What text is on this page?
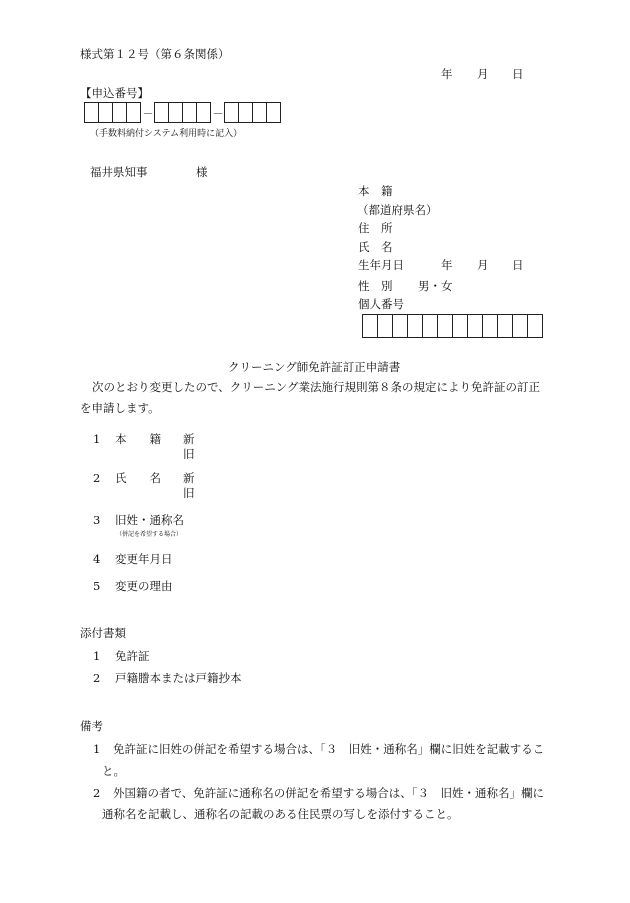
様式第１２号（第６条関係）
年 月 日
【申込番号】
－	－
（手数料納付システム利用時に記入）
福井県知事	様
本　籍
（都道府県名）
住　所
氏　名
生年月日	年 月 日
性　別 男・女
個人番号
クリーニング師免許証訂正申請書
次のとおり変更したので、クリーニング業法施行規則第８条の規定により免許証の訂正
を申請します。
1 本　　籍 新
旧
2 氏　　名 新
旧
3 旧姓・通称名
（併記を希望する場合）
4 変更年月日
5 変更の理由
添付書類
1 免許証
2 戸籍謄本または戸籍抄本
備考
1 免許証に旧姓の併記を希望する場合は、「３　旧姓・通称名」欄に旧姓を記載するこ
と。
2 外国籍の者で、免許証に通称名の併記を希望する場合は、「３　旧姓・通称名」欄に
通称名を記載し、通称名の記載のある住民票の写しを添付すること。
